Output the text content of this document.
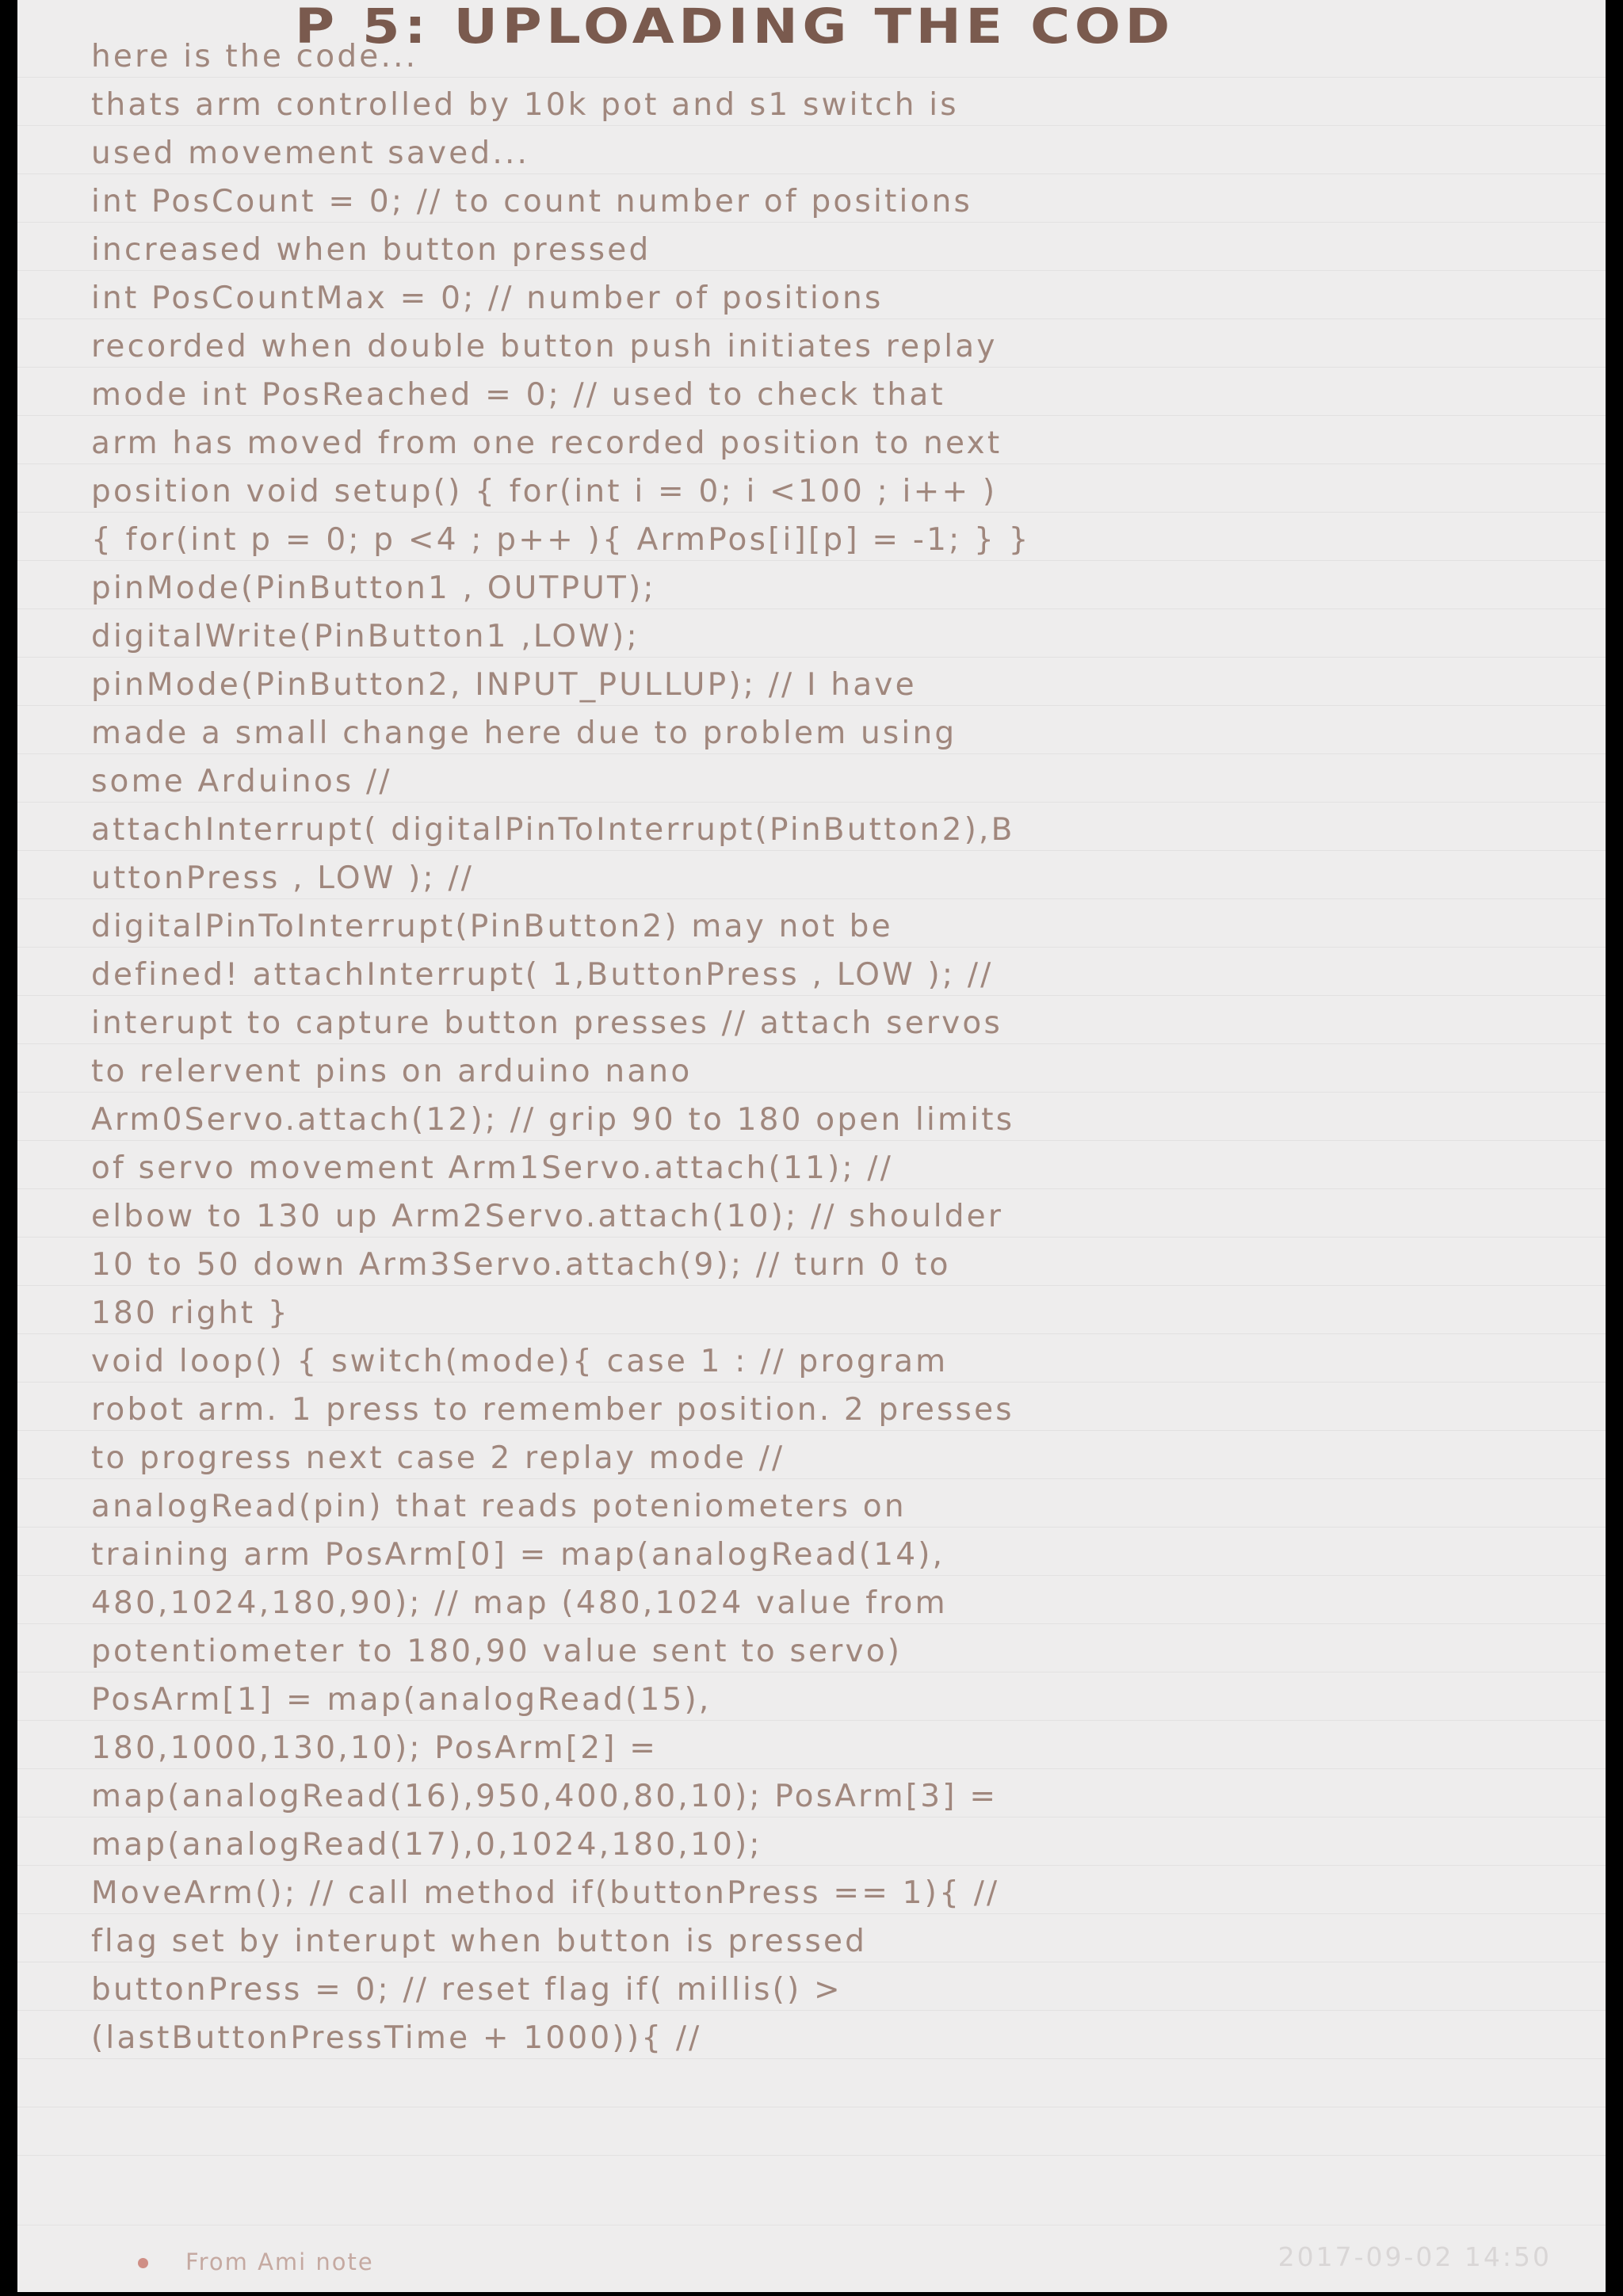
P 5: UPLOADING THE COD
here is the code...
thats arm controlled by 10k pot and s1 switch is
used movement saved...
int PosCount = 0; // to count number of positions
increased when button pressed
int PosCountMax = 0; // number of positions
recorded when double button push initiates replay
mode int PosReached = 0; // used to check that
arm has moved from one recorded position to next
position void setup() { for(int i = 0; i <100 ; i++ )
{ for(int p = 0; p <4 ; p++ ){ ArmPos[i][p] = -1; } }
pinMode(PinButton1 , OUTPUT);
digitalWrite(PinButton1 ,LOW);
pinMode(PinButton2, INPUT_PULLUP); // I have
made a small change here due to problem using
some Arduinos //
attachInterrupt( digitalPinToInterrupt(PinButton2),B
uttonPress , LOW ); //
digitalPinToInterrupt(PinButton2) may not be
defined! attachInterrupt( 1,ButtonPress , LOW ); //
interupt to capture button presses // attach servos
to relervent pins on arduino nano
Arm0Servo.attach(12); // grip 90 to 180 open limits
of servo movement Arm1Servo.attach(11); //
elbow to 130 up Arm2Servo.attach(10); // shoulder
10 to 50 down Arm3Servo.attach(9); // turn 0 to
180 right }
void loop() { switch(mode){ case 1 : // program
robot arm. 1 press to remember position. 2 presses
to progress next case 2 replay mode //
analogRead(pin) that reads poteniometers on
training arm PosArm[0] = map(analogRead(14),
480,1024,180,90); // map (480,1024 value from
potentiometer to 180,90 value sent to servo)
PosArm[1] = map(analogRead(15),
180,1000,130,10); PosArm[2] =
map(analogRead(16),950,400,80,10); PosArm[3] =
map(analogRead(17),0,1024,180,10);
MoveArm(); // call method if(buttonPress == 1){ //
flag set by interupt when button is pressed
buttonPress = 0; // reset flag if( millis() >
(lastButtonPressTime + 1000)){ //
From Ami note	2017-09-02 14:50
